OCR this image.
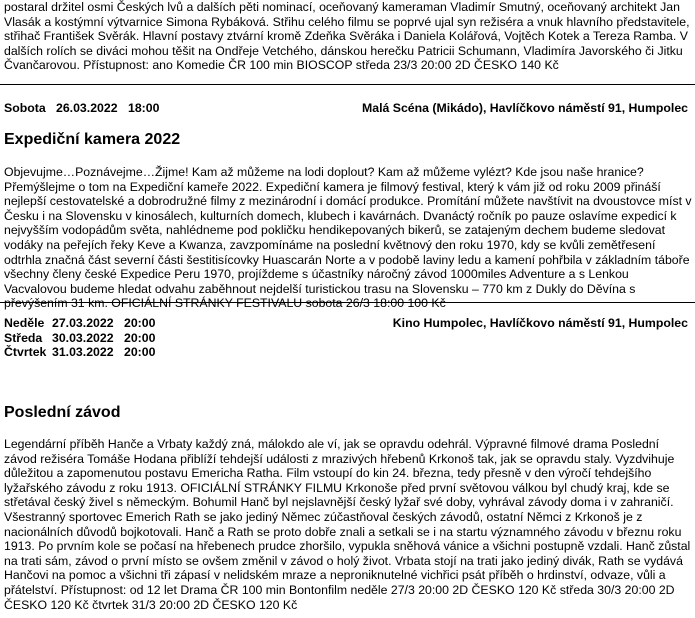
postaral držitel osmi Českých lvů a dalších pěti nominací, oceňovaný kameraman Vladimír Smutný, oceňovaný architekt Jan Vlasák a kostýmní výtvarnice Simona Rybáková. Střihu celého filmu se poprvé ujal syn režiséra a vnuk hlavního představitele, střihač František Svěrák. Hlavní postavy ztvární kromě Zdeňka Svěráka i Daniela Kolářová, Vojtěch Kotek a Tereza Ramba. V dalších rolích se diváci mohou těšit na Ondřeje Vetchého, dánskou herečku Patricii Schumann, Vladimíra Javorského či Jitku Čvančarovou. Přístupnost: ano Komedie ČR 100 min BIOSCOP středa 23/3 20:00 2D ČESKO 140 Kč

Sobota 26.03.2022 18:00	Malá Scéna (Mikádo), Havlíčkovo náměstí 91, Humpolec
Expediční kamera 2022

Objevujme…Poznávejme…Žijme! Kam až můžeme na lodi doplout? Kam až můžeme vylézt? Kde jsou naše hranice? Přemýšlejme o tom na Expediční kameře 2022. Expediční kamera je filmový festival, který k vám již od roku 2009 přináší nejlepší cestovatelské a dobrodružné filmy z mezinárodní i domácí produkce. Promítání můžete navštívit na dvoustovce míst v Česku i na Slovensku v kinosálech, kulturních domech, klubech i kavárnách. Dvanáctý ročník po pauze oslavíme expedicí k nejvyšším vodopádům světa, nahlédneme pod pokličku hendikepovaných bikerů, se zatajeným dechem budeme sledovat vodáky na peřejích řeky Keve a Kwanza, zavzpomínáme na poslední květnový den roku 1970, kdy se kvůli zemětřesení odtrhla značná část severní části šestitisícovky Huascarán Norte a v podobě laviny ledu a kamení pohřbila v základním táboře všechny členy české Expedice Peru 1970, projíždeme s účastníky náročný závod 1000miles Adventure a s Lenkou Vacvalovou budeme hledat odvahu zaběhnout nejdelší turistickou trasu na Slovensku – 770 km z Dukly do Děvína s převýšením 31 km. OFICIÁLNÍ STRÁNKY FESTIVALU sobota 26/3 18:00 100 Kč

Neděle 27.03.2022 20:00
Středa 30.03.2022 20:00
Čtvrtek 31.03.2022 20:00
Kino Humpolec, Havlíčkovo náměstí 91, Humpolec
Poslední závod

Legendární příběh Hanče a Vrbaty každý zná, málokdo ale ví, jak se opravdu odehrál. Výpravné filmové drama Poslední závod režiséra Tomáše Hodana přiblíží tehdejší události z mrazivých hřebenů Krkonoš tak, jak se opravdu staly. Vyzdvihuje důležitou a zapomenutou postavu Emericha Ratha. Film vstoupí do kin 24. března, tedy přesně v den výročí tehdejšího lyžařského závodu z roku 1913. OFICIÁLNÍ STRÁNKY FILMU Krkonoše před první světovou válkou byl chudý kraj, kde se střetával český živel s německým. Bohumil Hanč byl nejslavnější český lyžař své doby, vyhrával závody doma i v zahraničí. Všestranný sportovec Emerich Rath se jako jediný Němec zúčastňoval českých závodů, ostatní Němci z Krkonoš je z nacionálních důvodů bojkotovali. Hanč a Rath se proto dobře znali a setkali se i na startu významného závodu v březnu roku 1913. Po prvním kole se počasí na hřebenech prudce zhoršilo, vypukla sněhová vánice a všichni postupně vzdali. Hanč zůstal na trati sám, závod o první místo se ovšem změnil v závod o holý život. Vrbata stojí na trati jako jediný divák, Rath se vydává Hančovi na pomoc a všichni tři zápasí v nelidském mraze a neproniknutelné vichřici psát příběh o hrdinství, odvaze, vůli a přátelství. Přístupnost: od 12 let Drama ČR 100 min Bontonfilm neděle 27/3 20:00 2D ČESKO 120 Kč středa 30/3 20:00 2D ČESKO 120 Kč čtvrtek 31/3 20:00 2D ČESKO 120 Kč
